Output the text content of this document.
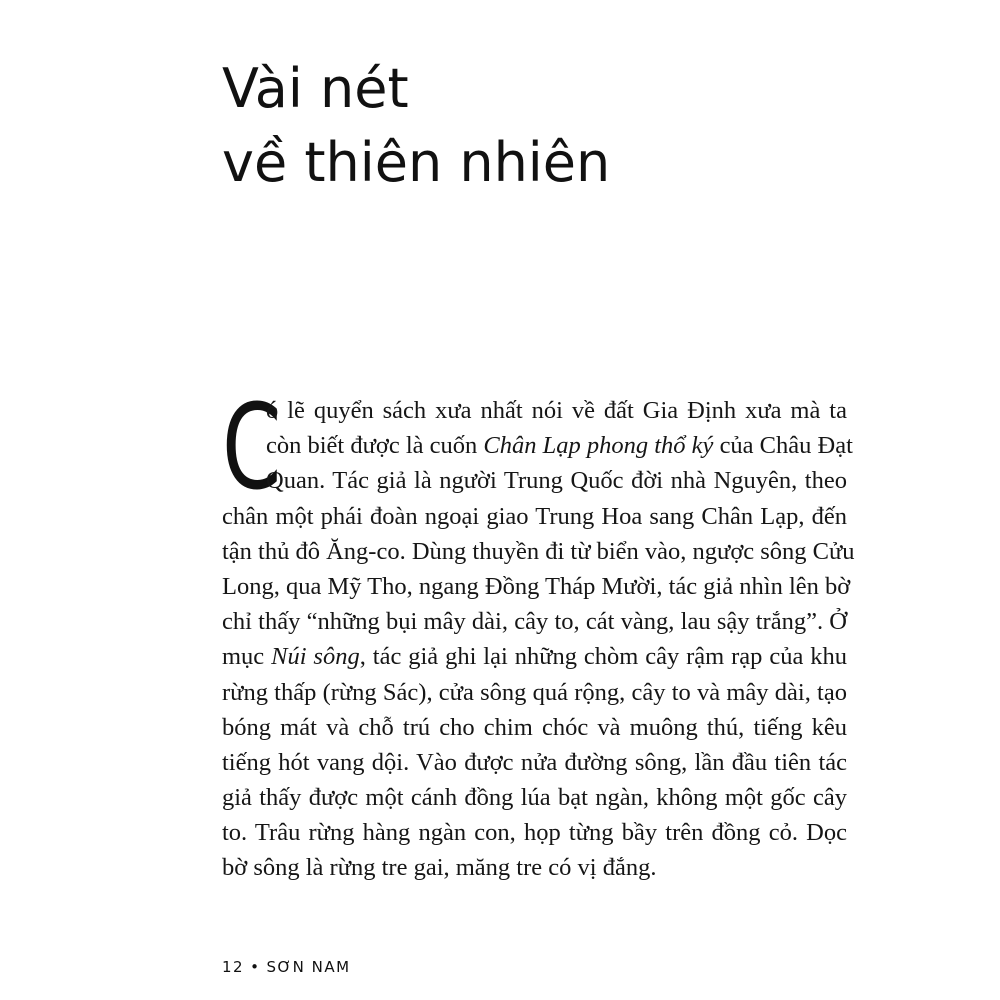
Vài nét
về thiên nhiên
C
ó lẽ quyển sách xưa nhất nói về đất Gia Định xưa mà ta
còn biết được là cuốn Chân Lạp phong thổ ký của Châu Đạt
Quan. Tác giả là người Trung Quốc đời nhà Nguyên, theo
chân một phái đoàn ngoại giao Trung Hoa sang Chân Lạp, đến
tận thủ đô Ăng-co. Dùng thuyền đi từ biển vào, ngược sông Cửu
Long, qua Mỹ Tho, ngang Đồng Tháp Mười, tác giả nhìn lên bờ
chỉ thấy “những bụi mây dài, cây to, cát vàng, lau sậy trắng”. Ở
mục Núi sông, tác giả ghi lại những chòm cây rậm rạp của khu
rừng thấp (rừng Sác), cửa sông quá rộng, cây to và mây dài, tạo
bóng mát và chỗ trú cho chim chóc và muông thú, tiếng kêu
tiếng hót vang dội. Vào được nửa đường sông, lần đầu tiên tác
giả thấy được một cánh đồng lúa bạt ngàn, không một gốc cây
to. Trâu rừng hàng ngàn con, họp từng bầy trên đồng cỏ. Dọc
bờ sông là rừng tre gai, măng tre có vị đắng.
12 • SƠN NAM
